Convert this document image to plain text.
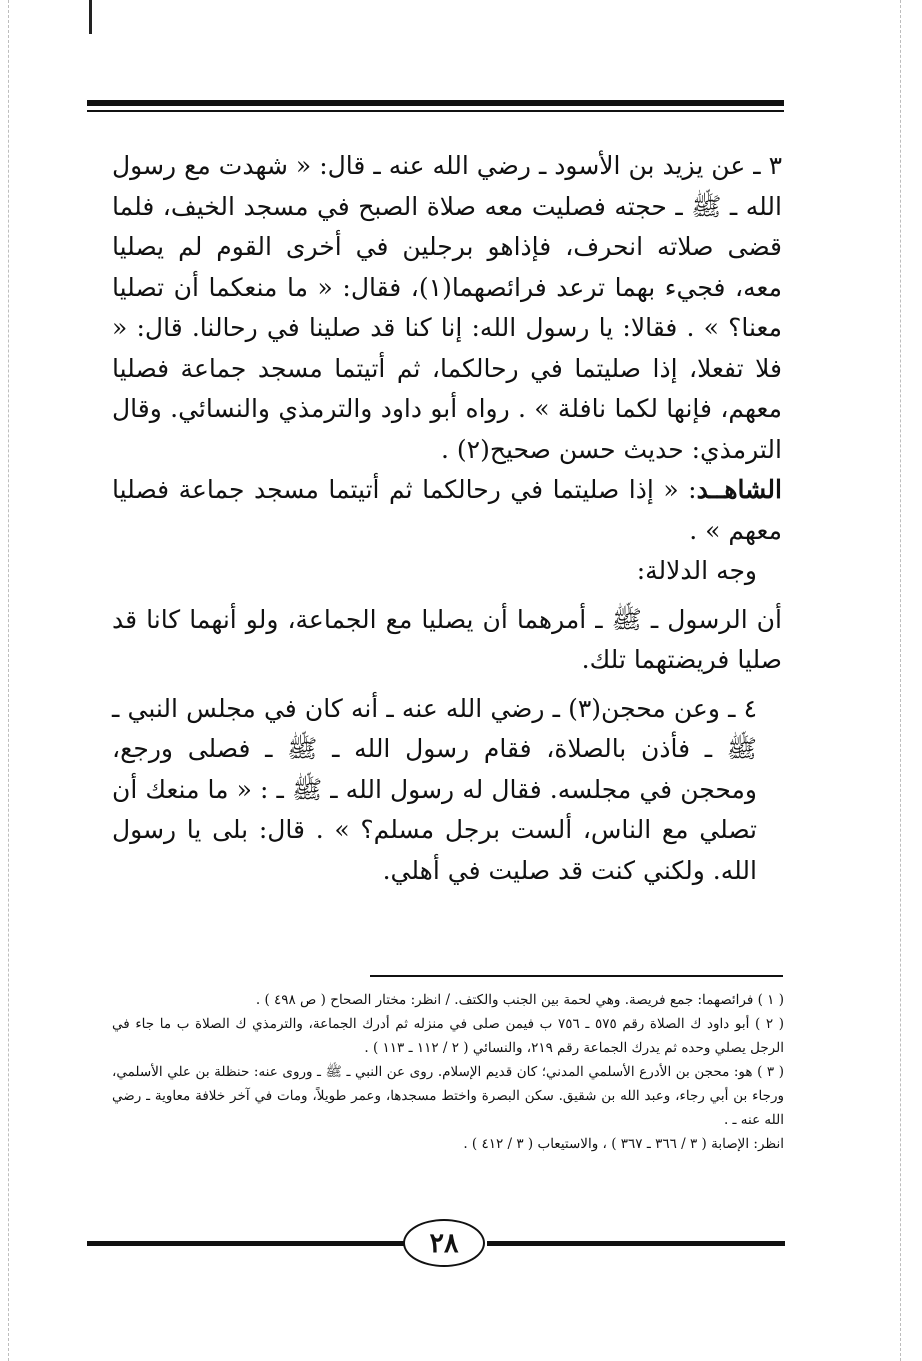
٣ ـ عن يزيد بن الأسود ـ رضي الله عنه ـ قال: « شهدت مع رسول الله ـ ﷺ ـ حجته فصليت معه صلاة الصبح في مسجد الخيف، فلما قضى صلاته انحرف، فإذاهو برجلين في أخرى القوم لم يصليا معه، فجيء بهما ترعد فرائصهما(١)، فقال: « ما منعكما أن تصليا معنا؟ » . فقالا: يا رسول الله: إنا كنا قد صلينا في رحالنا. قال: « فلا تفعلا، إذا صليتما في رحالكما، ثم أتيتما مسجد جماعة فصليا معهم، فإنها لكما نافلة » . رواه أبو داود والترمذي والنسائي. وقال الترمذي: حديث حسن صحيح(٢) .

الشاهــد: « إذا صليتما في رحالكما ثم أتيتما مسجد جماعة فصليا معهم » .

وجه الدلالة:

أن الرسول ـ ﷺ ـ أمرهما أن يصليا مع الجماعة، ولو أنهما كانا قد صليا فريضتهما تلك.

٤ ـ وعن محجن(٣) ـ رضي الله عنه ـ أنه كان في مجلس النبي ـ ﷺ ـ فأذن بالصلاة، فقام رسول الله ـ ﷺ ـ فصلى ورجع، ومحجن في مجلسه. فقال له رسول الله ـ ﷺ ـ : « ما منعك أن تصلي مع الناس، ألست برجل مسلم؟ » . قال: بلى يا رسول الله. ولكني كنت قد صليت في أهلي.

( ١ ) فرائصهما: جمع فريصة. وهي لحمة بين الجنب والكتف. / انظر: مختار الصحاح ( ص ٤٩٨ ) .

( ٢ ) أبو داود ك الصلاة رقم ٥٧٥ ـ ٧٥٦ ب فيمن صلى في منزله ثم أدرك الجماعة، والترمذي ك الصلاة ب ما جاء في الرجل يصلي وحده ثم يدرك الجماعة رقم ٢١٩، والنسائي ( ٢ / ١١٢ ـ ١١٣ ) .

( ٣ ) هو: محجن بن الأدرع الأسلمي المدني؛ كان قديم الإسلام. روى عن النبي ـ ﷺ ـ وروى عنه: حنظلة بن علي الأسلمي، ورجاء بن أبي رجاء، وعبد الله بن شقيق. سكن البصرة واختط مسجدها، وعمر طويلاً، ومات في آخر خلافة معاوية ـ رضي الله عنه ـ .

انظر: الإصابة ( ٣ / ٣٦٦ ـ ٣٦٧ ) ، والاستيعاب ( ٣ / ٤١٢ ) .

٢٨
